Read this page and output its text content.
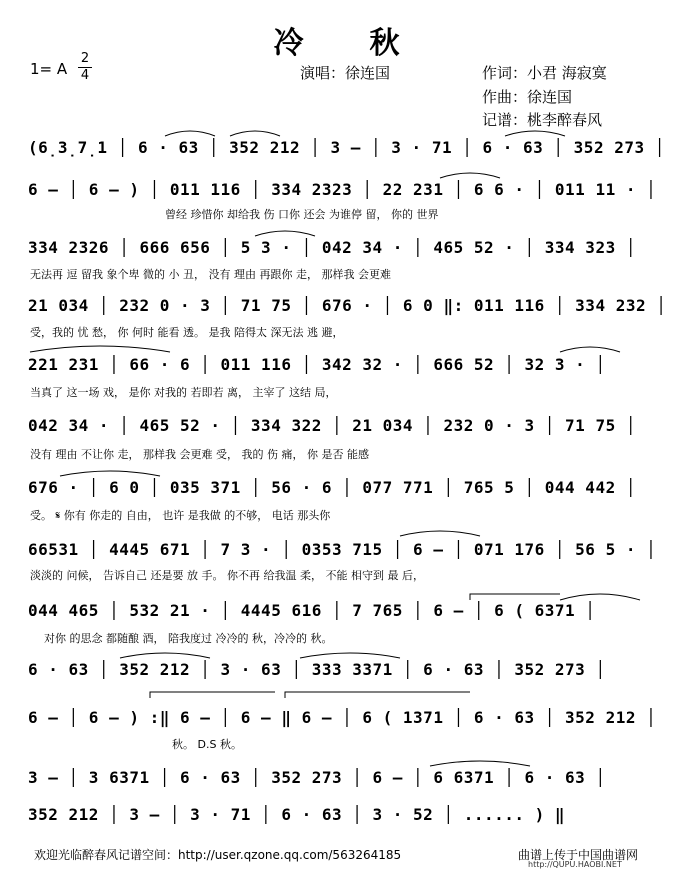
冷　　秋
1= A
2
4	演唱：徐连国	作词：小君 海寂寞
作曲：徐连国
记谱：桃李醉春风
(6̣3̣7̣1 │ 6 · 63 │ 352 212 │ 3 – │ 3 · 71 │ 6 · 63 │ 352 273 │
6 – │ 6 – ) │ 011 116 │ 334 2323 │ 22 231 │ 6 6 · │ 011 11 · │
曾经 珍惜你 却给我 伤 口你 还会 为谁停 留， 你的 世界
334 2326 │ 666 656 │ 5 3 · │ 042 34 · │ 465 52 · │ 334 323 │
无法再 逗 留我 象个卑 微的 小 丑， 没有 理由 再跟你 走， 那样我 会更难
21 034 │ 232 0 · 3 │ 71 75 │ 676 · │ 6 0 ‖: 011 116 │ 334 232 │
受，我的 忧 愁， 你 何时 能看 透。 是我 陪得太 深无法 逃 避，
221 231 │ 66 · 6 │ 011 116 │ 342 32 · │ 666 52 │ 32 3 · │
当真了 这一场 戏， 是你 对我的 若即若 离， 主宰了 这结 局，
042 34 · │ 465 52 · │ 334 322 │ 21 034 │ 232 0 · 3 │ 71 75 │
没有 理由 不让你 走， 那样我 会更难 受， 我的 伤 痛， 你 是否 能感
676 · │ 6 0 │ 035 371 │ 56 · 6 │ 077 771 │ 765 5 │ 044 442 │
受。 𝄋 你有 你走的 自由， 也许 是我做 的不够， 电话 那头你
66531 │ 4445 671 │ 7 3 · │ 0353 715 │ 6 – │ 071 176 │ 56 5 · │
淡淡的 问候， 告诉自己 还是要 放 手。 你不再 给我温 柔， 不能 相守到 最 后，
044 465 │ 532 21 · │ 4445 616 │ 7 765 │ 6 – │ 6 ( 6371 │
对你 的思念 都随酿 酒， 陪我度过 冷冷的 秋，冷冷的 秋。
6 · 63 │ 352 212 │ 3 · 63 │ 333 3371 │ 6 · 63 │ 352 273 │
6 – │ 6 – ) :‖ 6 – │ 6 – ‖ 6 – │ 6 ( 1371 │ 6 · 63 │ 352 212 │
秋。 D.S 秋。
3 – │ 3 6371 │ 6 · 63 │ 352 273 │ 6 – │ 6 6371 │ 6 · 63 │
352 212 │ 3 – │ 3 · 71 │ 6 · 63 │ 3 · 52 │ ...... ) ‖
欢迎光临醉春风记谱空间：http://user.qzone.qq.com/563264185	曲谱上传于中国曲谱网
http://QUPU.HAOBI.NET
